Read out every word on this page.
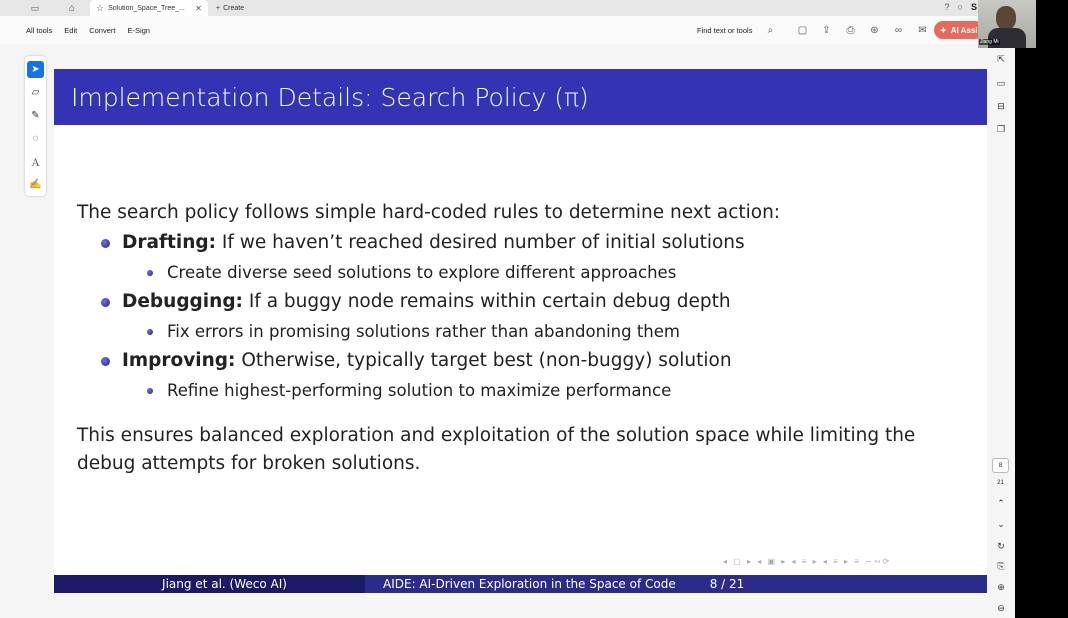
▭	⌂	☆ Solution_Space_Tree_...	✕ + Create	? ○ S
All tools Edit Convert E-Sign	Find text or tools	⌕	▢ ⇪ ⎙ ⊛ ∞ ✉ ✦ AI Assi
➤
▱
✎
◌
Ａ
✍
Implementation Details: Search Policy (π)
The search policy follows simple hard-coded rules to determine next action:
Drafting: If we haven’t reached desired number of initial solutions
Create diverse seed solutions to explore different approaches
Debugging: If a buggy node remains within certain debug depth
Fix errors in promising solutions rather than abandoning them
Improving: Otherwise, typically target best (non-buggy) solution
Refine highest-performing solution to maximize performance
This ensures balanced exploration and exploitation of the solution space while limiting the debug attempts for broken solutions.
◂ ▢ ▸ ◂ ▣ ▸ ◂ ≡ ▸ ◂ ≡ ▸ ≡ ∽∾⟳
Jiang et al. (Weco AI)	AIDE: AI-Driven Exploration in the Space of Code	8 / 21
⇱
▭
⊟
❐
⌃
⌄
↻
⎘
⊕
⊖
8
21
Jiang Mi
